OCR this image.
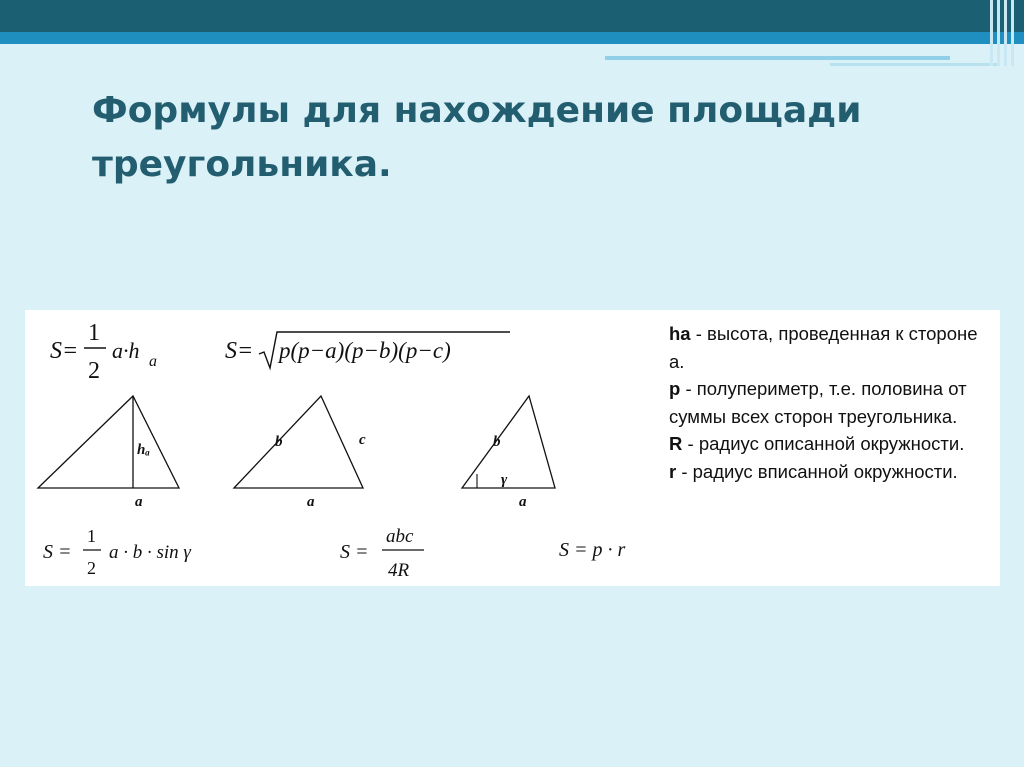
Формулы для нахождение площади треугольника.
S=
1
2
a·h a	S= p(p−a)(p−b)(p−c)
hₐ
a
b	c
a
b
γ
a
S =
1
2
a · b · sin γ	S =
abc
4R
S = p · r

ha - высота, проведенная к стороне а.

p - полупериметр, т.е. половина от суммы всех сторон треугольника.

R - радиус описанной окружности.

r - радиус вписанной окружности.
